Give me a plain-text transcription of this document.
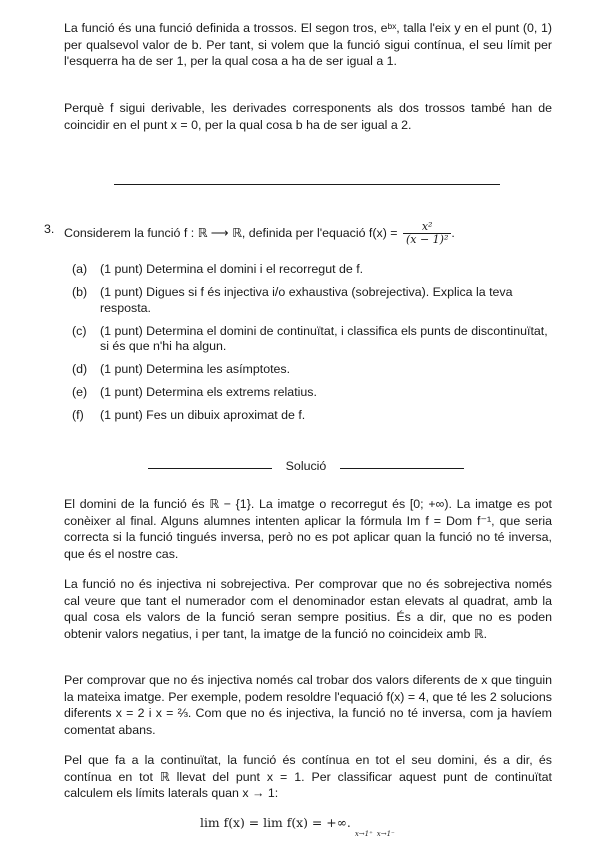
La funció és una funció definida a trossos. El segon tros, eᵇˣ, talla l'eix y en el punt (0, 1) per qualsevol valor de b. Per tant, si volem que la funció sigui contínua, el seu límit per l'esquerra ha de ser 1, per la qual cosa a ha de ser igual a 1.

Perquè f sigui derivable, les derivades corresponents als dos trossos també han de coincidir en el punt x = 0, per la qual cosa b ha de ser igual a 2.

3. Considerem la funció f : ℝ ⟶ ℝ, definida per l'equació $f(x) = \frac{\text{x²}}{\text{(x − 1)²}}$ .
(a) (1 punt) Determina el domini i el recorregut de f.
(b) (1 punt) Digues si f és injectiva i/o exhaustiva (sobrejectiva). Explica la teva resposta.
(c) (1 punt) Determina el domini de continuïtat, i classifica els punts de discontinuïtat, si és que n'hi ha algun.
(d) (1 punt) Determina les asímptotes.
(e) (1 punt) Determina els extrems relatius.
(f) (1 punt) Fes un dibuix aproximat de f.
Solució

El domini de la funció és ℝ − {1}. La imatge o recorregut és [0; +∞). La imatge es pot conèixer al final. Alguns alumnes intenten aplicar la fórmula Im f = Dom f⁻¹, que seria correcta si la funció tingués inversa, però no es pot aplicar quan la funció no té inversa, que és el nostre cas.

La funció no és injectiva ni sobrejectiva. Per comprovar que no és sobrejectiva només cal veure que tant el numerador com el denominador estan elevats al quadrat, amb la qual cosa els valors de la funció seran sempre positius. És a dir, que no es poden obtenir valors negatius, i per tant, la imatge de la funció no coincideix amb ℝ.

Per comprovar que no és injectiva només cal trobar dos valors diferents de x que tinguin la mateixa imatge. Per exemple, podem resoldre l'equació f(x) = 4, que té les 2 solucions diferents x = 2 i x = ⅔. Com que no és injectiva, la funció no té inversa, com ja havíem comentat abans.

Pel que fa a la continuïtat, la funció és contínua en tot el seu domini, és a dir, és contínua en tot ℝ llevat del punt x = 1. Per classificar aquest punt de continuïtat calculem els límits laterals quan x → 1:

lim f(x) = lim f(x) = +∞. x→1⁺ x→1⁻
